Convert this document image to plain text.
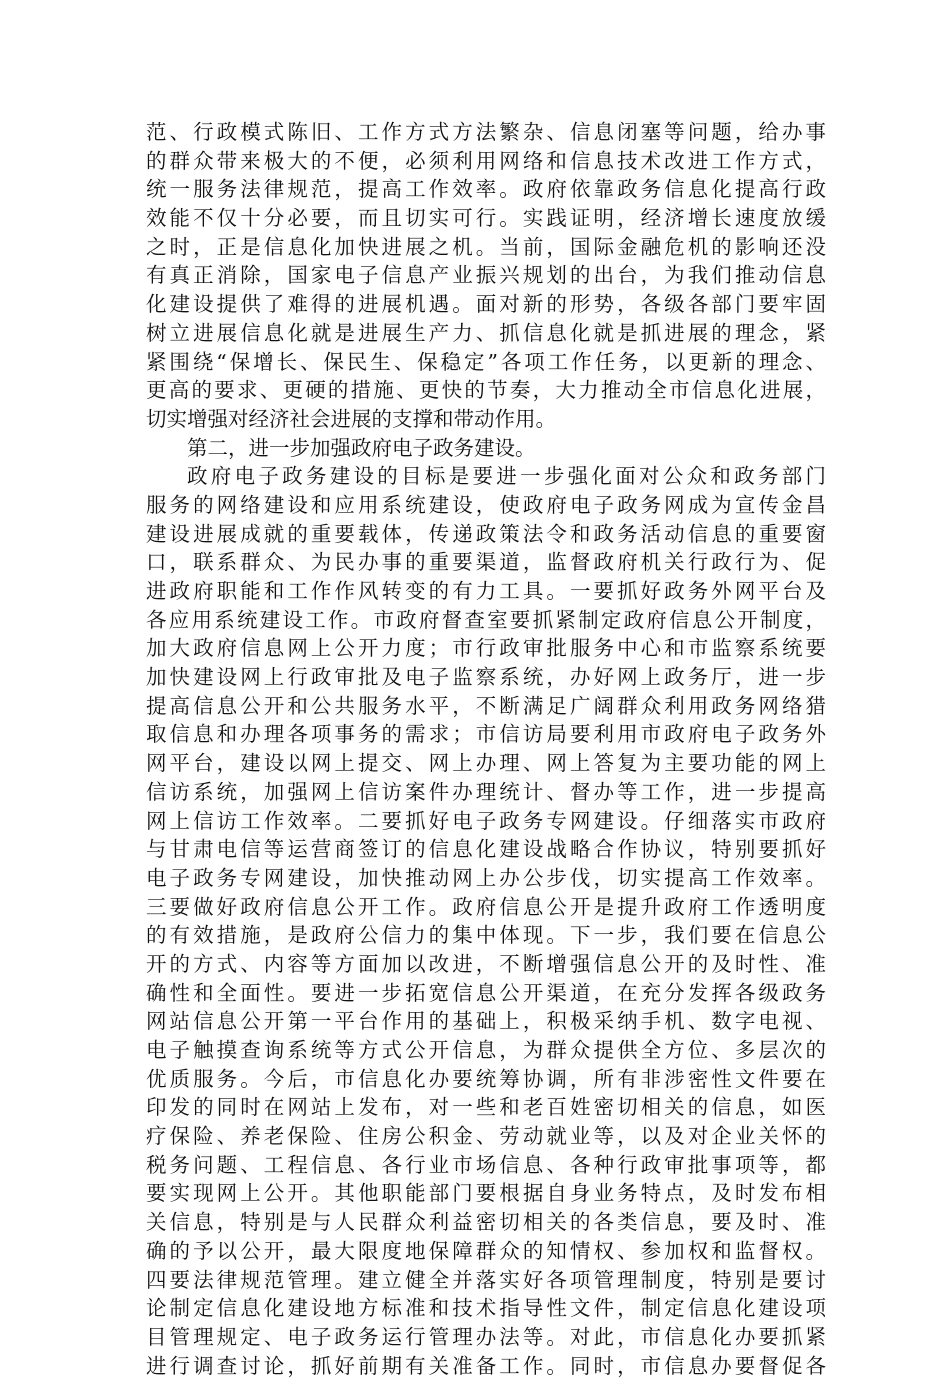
范、行政模式陈旧、工作方式方法繁杂、信息闭塞等问题，给办事
的群众带来极大的不便，必须利用网络和信息技术改进工作方式，
统一服务法律规范，提高工作效率。政府依靠政务信息化提高行政
效能不仅十分必要，而且切实可行。实践证明，经济增长速度放缓
之时，正是信息化加快进展之机。当前，国际金融危机的影响还没
有真正消除，国家电子信息产业振兴规划的出台，为我们推动信息
化建设提供了难得的进展机遇。面对新的形势，各级各部门要牢固
树立进展信息化就是进展生产力、抓信息化就是抓进展的理念，紧
紧围绕“保增长、保民生、保稳定”各项工作任务，以更新的理念、
更高的要求、更硬的措施、更快的节奏，大力推动全市信息化进展，
切实增强对经济社会进展的支撑和带动作用。
第二，进一步加强政府电子政务建设。
政府电子政务建设的目标是要进一步强化面对公众和政务部门
服务的网络建设和应用系统建设，使政府电子政务网成为宣传金昌
建设进展成就的重要载体，传递政策法令和政务活动信息的重要窗
口，联系群众、为民办事的重要渠道，监督政府机关行政行为、促
进政府职能和工作作风转变的有力工具。一要抓好政务外网平台及
各应用系统建设工作。市政府督查室要抓紧制定政府信息公开制度，
加大政府信息网上公开力度；市行政审批服务中心和市监察系统要
加快建设网上行政审批及电子监察系统，办好网上政务厅，进一步
提高信息公开和公共服务水平，不断满足广阔群众利用政务网络猎
取信息和办理各项事务的需求；市信访局要利用市政府电子政务外
网平台，建设以网上提交、网上办理、网上答复为主要功能的网上
信访系统，加强网上信访案件办理统计、督办等工作，进一步提高
网上信访工作效率。二要抓好电子政务专网建设。仔细落实市政府
与甘肃电信等运营商签订的信息化建设战略合作协议，特别要抓好
电子政务专网建设，加快推动网上办公步伐，切实提高工作效率。
三要做好政府信息公开工作。政府信息公开是提升政府工作透明度
的有效措施，是政府公信力的集中体现。下一步，我们要在信息公
开的方式、内容等方面加以改进，不断增强信息公开的及时性、准
确性和全面性。要进一步拓宽信息公开渠道，在充分发挥各级政务
网站信息公开第一平台作用的基础上，积极采纳手机、数字电视、
电子触摸查询系统等方式公开信息，为群众提供全方位、多层次的
优质服务。今后，市信息化办要统筹协调，所有非涉密性文件要在
印发的同时在网站上发布，对一些和老百姓密切相关的信息，如医
疗保险、养老保险、住房公积金、劳动就业等，以及对企业关怀的
税务问题、工程信息、各行业市场信息、各种行政审批事项等，都
要实现网上公开。其他职能部门要根据自身业务特点，及时发布相
关信息，特别是与人民群众利益密切相关的各类信息，要及时、准
确的予以公开，最大限度地保障群众的知情权、参加权和监督权。
四要法律规范管理。建立健全并落实好各项管理制度，特别是要讨
论制定信息化建设地方标准和技术指导性文件，制定信息化建设项
目管理规定、电子政务运行管理办法等。对此，市信息化办要抓紧
进行调查讨论，抓好前期有关准备工作。同时，市信息办要督促各
